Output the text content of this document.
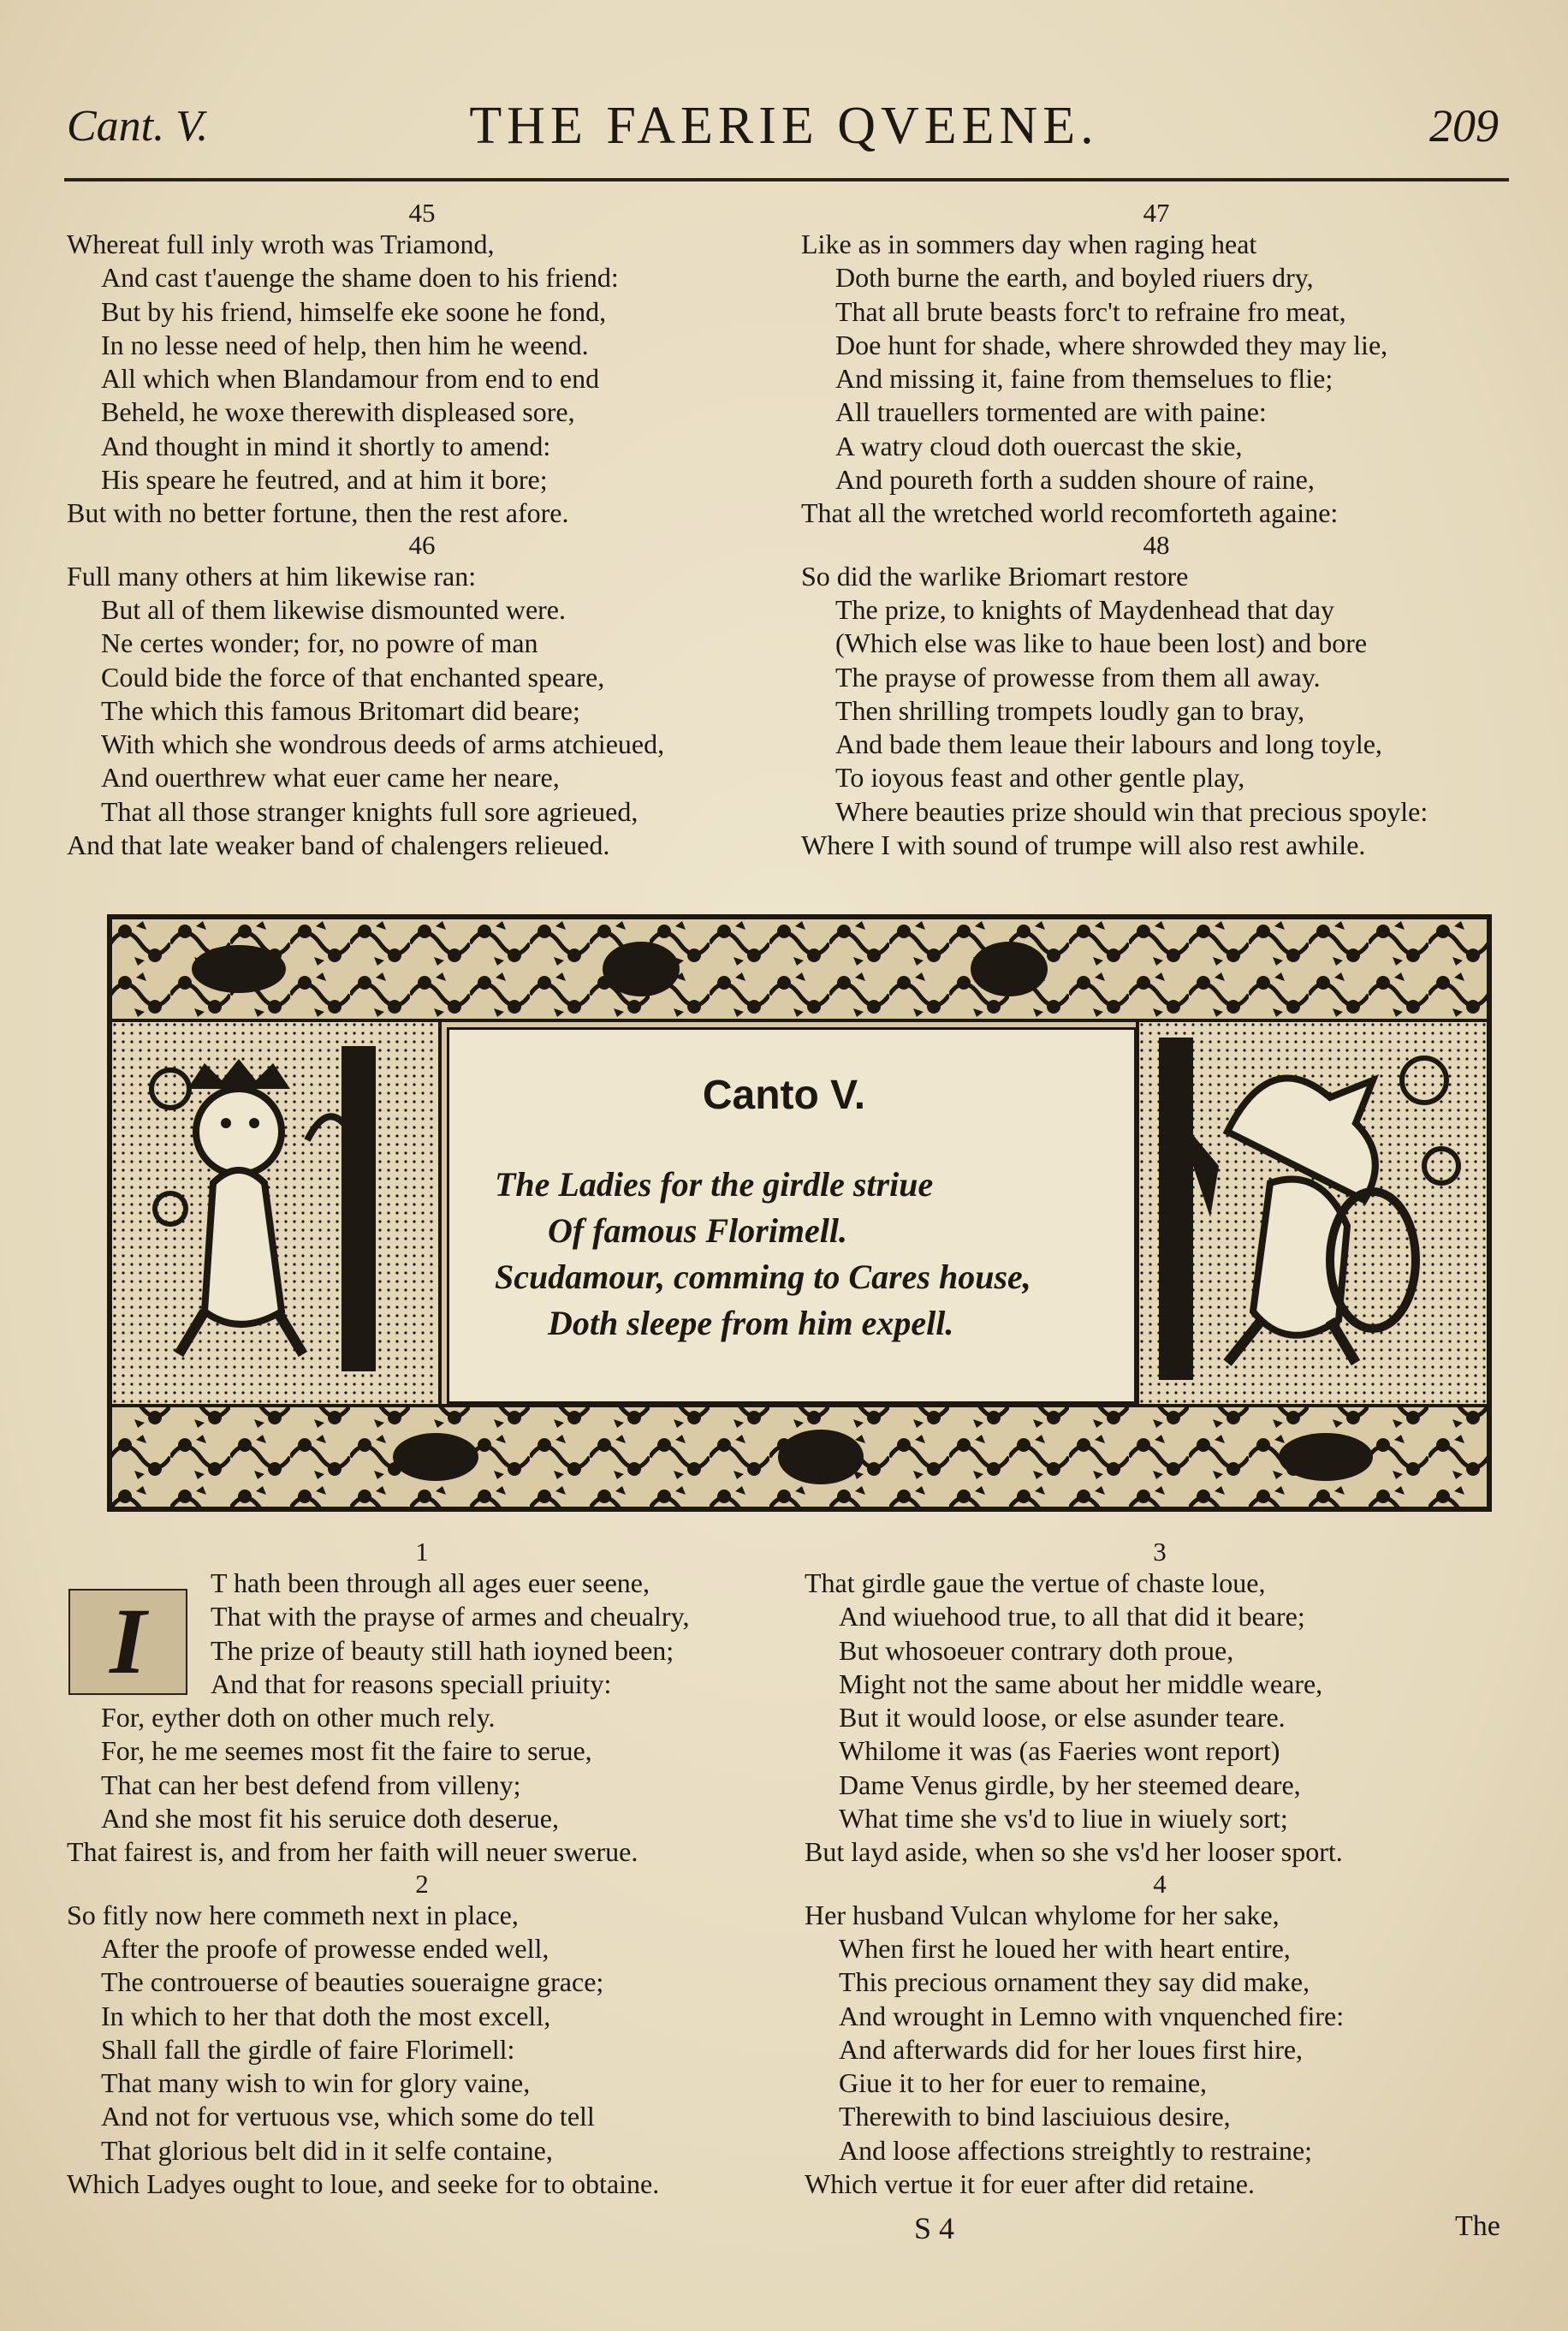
Cant. V.	THE FAERIE QVEENE.	209
45
Whereat full inly wroth was Triamond,
And cast t'auenge the shame doen to his friend:
But by his friend, himselfe eke soone he fond,
In no lesse need of help, then him he weend.
All which when Blandamour from end to end
Beheld, he woxe therewith displeased sore,
And thought in mind it shortly to amend:
His speare he feutred, and at him it bore;
But with no better fortune, then the rest afore.
46
Full many others at him likewise ran:
But all of them likewise dismounted were.
Ne certes wonder; for, no powre of man
Could bide the force of that enchanted speare,
The which this famous Britomart did beare;
With which she wondrous deeds of arms atchieued,
And ouerthrew what euer came her neare,
That all those stranger knights full sore agrieued,
And that late weaker band of chalengers relieued.
47
Like as in sommers day when raging heat
Doth burne the earth, and boyled riuers dry,
That all brute beasts forc't to refraine fro meat,
Doe hunt for shade, where shrowded they may lie,
And missing it, faine from themselues to flie;
All trauellers tormented are with paine:
A watry cloud doth ouercast the skie,
And poureth forth a sudden shoure of raine,
That all the wretched world recomforteth againe:
48
So did the warlike Briomart restore
The prize, to knights of Maydenhead that day
(Which else was like to haue been lost) and bore
The prayse of prowesse from them all away.
Then shrilling trompets loudly gan to bray,
And bade them leaue their labours and long toyle,
To ioyous feast and other gentle play,
Where beauties prize should win that precious spoyle:
Where I with sound of trumpe will also rest awhile.
Canto V.
The Ladies for the girdle striue
Of famous Florimell.
Scudamour, comming to Cares house,
Doth sleepe from him expell.
I
1
T hath been through all ages euer seene,
That with the prayse of armes and cheualry,
The prize of beauty still hath ioyned been;
And that for reasons speciall priuity:
For, eyther doth on other much rely.
For, he me seemes most fit the faire to serue,
That can her best defend from villeny;
And she most fit his seruice doth deserue,
That fairest is, and from her faith will neuer swerue.
2
So fitly now here commeth next in place,
After the proofe of prowesse ended well,
The controuerse of beauties soueraigne grace;
In which to her that doth the most excell,
Shall fall the girdle of faire Florimell:
That many wish to win for glory vaine,
And not for vertuous vse, which some do tell
That glorious belt did in it selfe containe,
Which Ladyes ought to loue, and seeke for to obtaine.
3
That girdle gaue the vertue of chaste loue,
And wiuehood true, to all that did it beare;
But whosoeuer contrary doth proue,
Might not the same about her middle weare,
But it would loose, or else asunder teare.
Whilome it was (as Faeries wont report)
Dame Venus girdle, by her steemed deare,
What time she vs'd to liue in wiuely sort;
But layd aside, when so she vs'd her looser sport.
4
Her husband Vulcan whylome for her sake,
When first he loued her with heart entire,
This precious ornament they say did make,
And wrought in Lemno with vnquenched fire:
And afterwards did for her loues first hire,
Giue it to her for euer to remaine,
Therewith to bind lasciuious desire,
And loose affections streightly to restraine;
Which vertue it for euer after did retaine.
S 4	The
